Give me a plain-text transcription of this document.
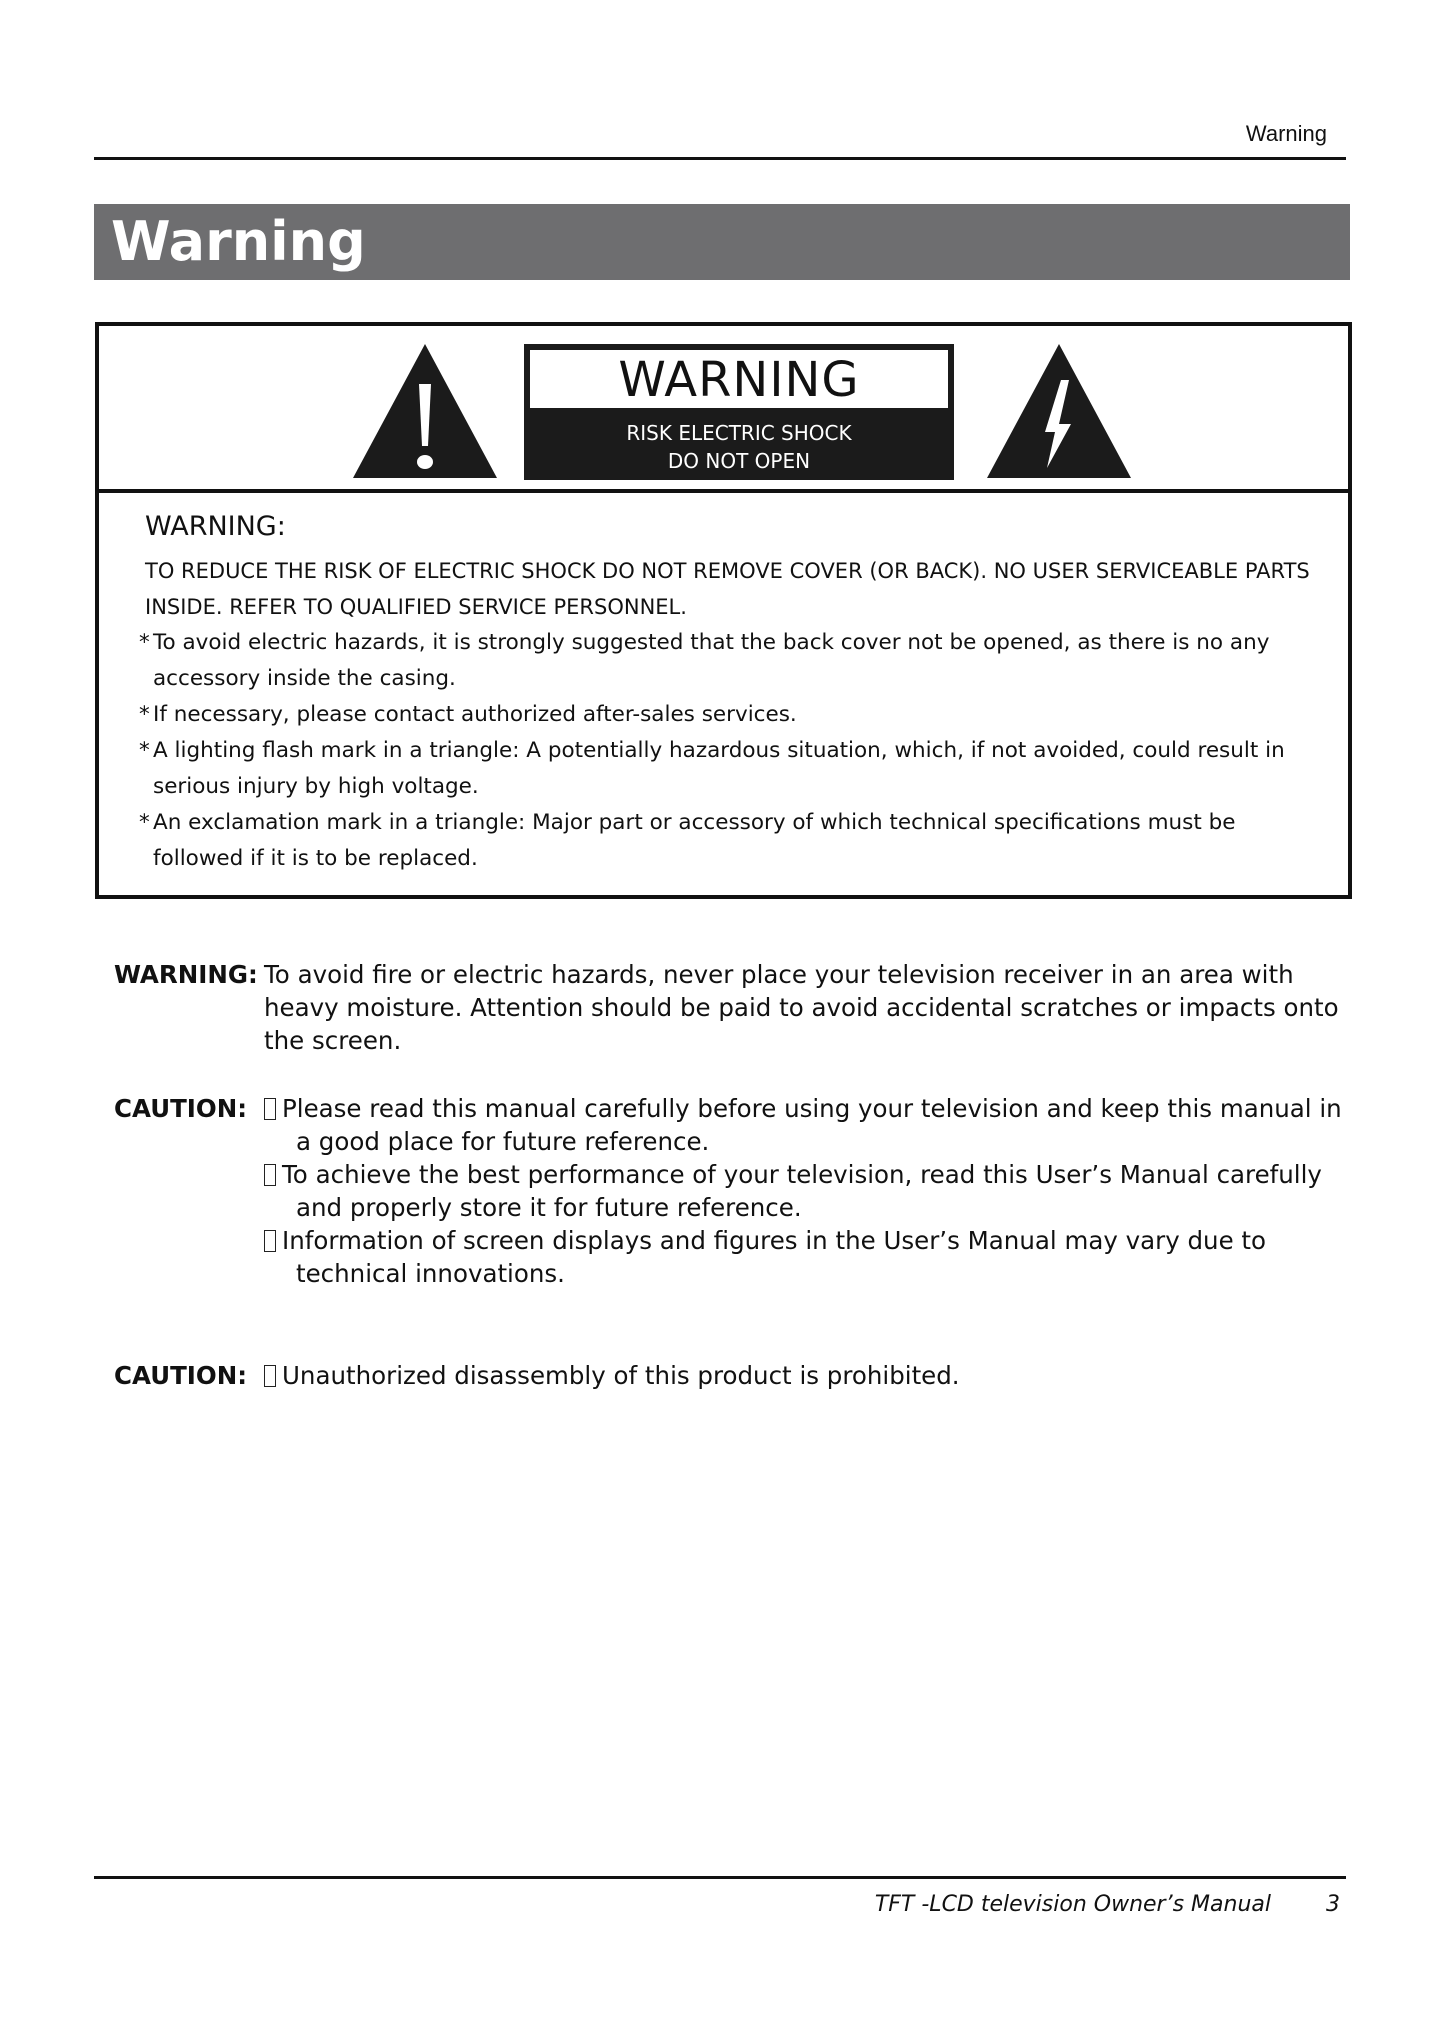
Warning
Warning
WARNING
RISK ELECTRIC SHOCK
DO NOT OPEN
WARNING:
TO REDUCE THE RISK OF ELECTRIC SHOCK DO NOT REMOVE COVER (OR BACK). NO USER SERVICEABLE PARTS INSIDE. REFER TO QUALIFIED SERVICE PERSONNEL.
* To avoid electric hazards, it is strongly suggested that the back cover not be opened, as there is no any accessory inside the casing.
* If necessary, please contact authorized after-sales services.
* A lighting flash mark in a triangle: A potentially hazardous situation, which, if not avoided, could result in serious injury by high voltage.
* An exclamation mark in a triangle: Major part or accessory of which technical specifications must be followed if it is to be replaced.
WARNING: To avoid fire or electric hazards, never place your television receiver in an area with heavy moisture. Attention should be paid to avoid accidental scratches or impacts onto the screen.
CAUTION:	Please read this manual carefully before using your television and keep this manual in a good place for future reference.
To achieve the best performance of your television, read this User’s Manual carefully and properly store it for future reference.
Information of screen displays and figures in the User’s Manual may vary due to technical innovations.
CAUTION:	Unauthorized disassembly of this product is prohibited.
TFT -LCD television Owner’s Manual	3
